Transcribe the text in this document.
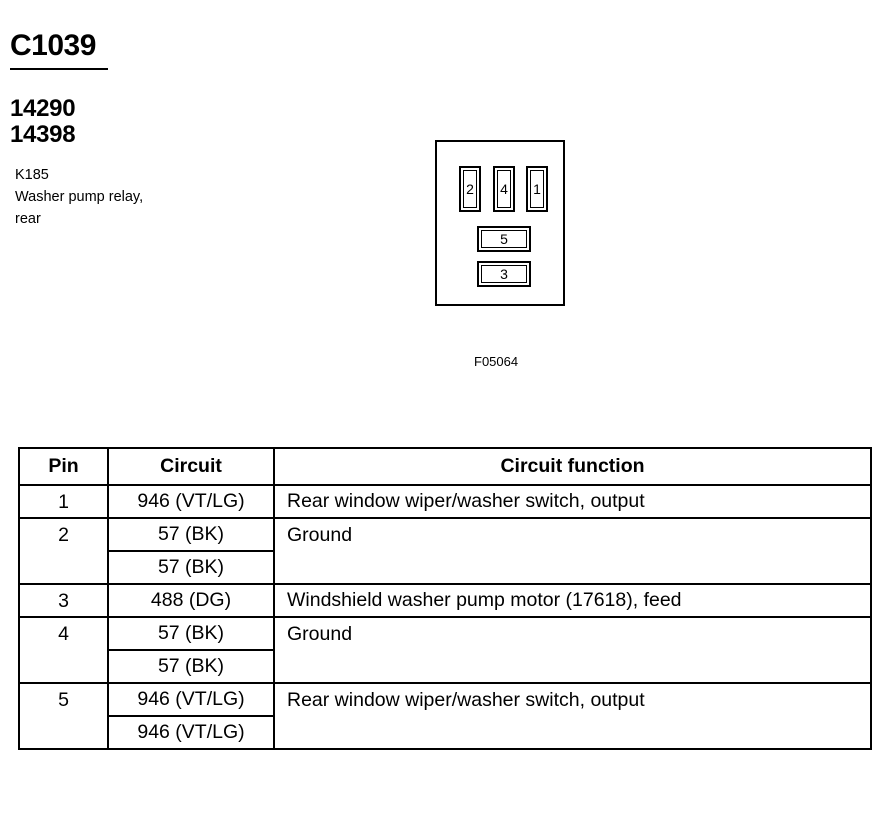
C1039
14290
14398
K185
Washer pump relay,
rear
2 4 1
5
3
F05064
Pin	Circuit	Circuit function
1	946 (VT/LG)	Rear window wiper/washer switch, output
2	57 (BK)	Ground
	57 (BK)	
3	488 (DG)	Windshield washer pump motor (17618), feed
4	57 (BK)	Ground
	57 (BK)	
5	946 (VT/LG)	Rear window wiper/washer switch, output
	946 (VT/LG)	
